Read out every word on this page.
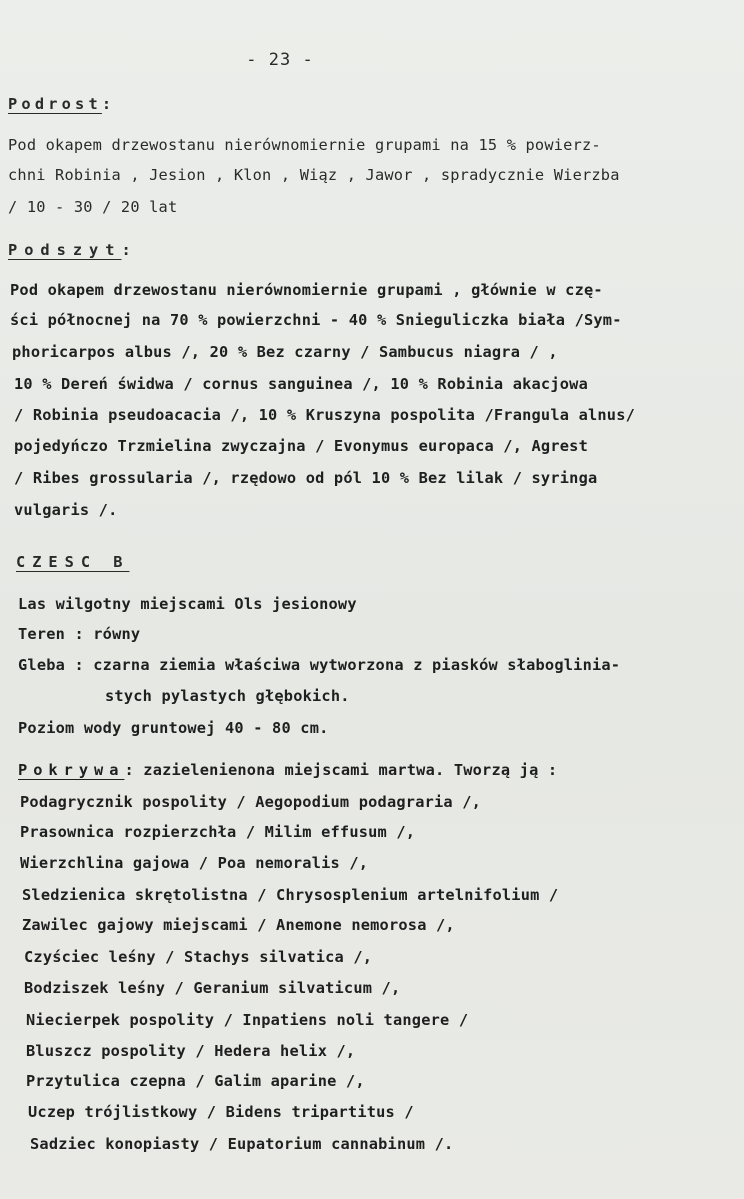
- 23 -
Podrost:
Pod okapem drzewostanu nierównomiernie grupami na 15 % powierz-
chni Robinia , Jesion , Klon , Wiąz , Jawor , spradycznie Wierzba
/ 10 - 30 / 20 lat
Podszyt:
Pod okapem drzewostanu nierównomiernie grupami , głównie w czę-
ści północnej na 70 % powierzchni - 40 % Snieguliczka biała /Sym-
phoricarpos albus /, 20 % Bez czarny / Sambucus niagra / ,
10 % Dereń świdwa / cornus sanguinea /, 10 % Robinia akacjowa
/ Robinia pseudoacacia /, 10 % Kruszyna pospolita /Frangula alnus/
pojedyńczo Trzmielina zwyczajna / Evonymus europaca /, Agrest
/ Ribes grossularia /, rzędowo od pól 10 % Bez lilak / syringa
vulgaris /.
CZESC B
Las wilgotny miejscami Ols jesionowy
Teren : równy
Gleba : czarna ziemia właściwa wytworzona z piasków słaboglinia-
stych pylastych głębokich.
Poziom wody gruntowej 40 - 80 cm.
Pokrywa: zazielenienona miejscami martwa. Tworzą ją :
Podagrycznik pospolity / Aegopodium podagraria /,
Prasownica rozpierzchła / Milim effusum /,
Wierzchlina gajowa / Poa nemoralis /,
Sledzienica skrętolistna / Chrysosplenium artelnifolium /
Zawilec gajowy miejscami / Anemone nemorosa /,
Czyściec leśny / Stachys silvatica /,
Bodziszek leśny / Geranium silvaticum /,
Niecierpek pospolity / Inpatiens noli tangere /
Bluszcz pospolity / Hedera helix /,
Przytulica czepna / Galim aparine /,
Uczep trójlistkowy / Bidens tripartitus /
Sadziec konopiasty / Eupatorium cannabinum /.
